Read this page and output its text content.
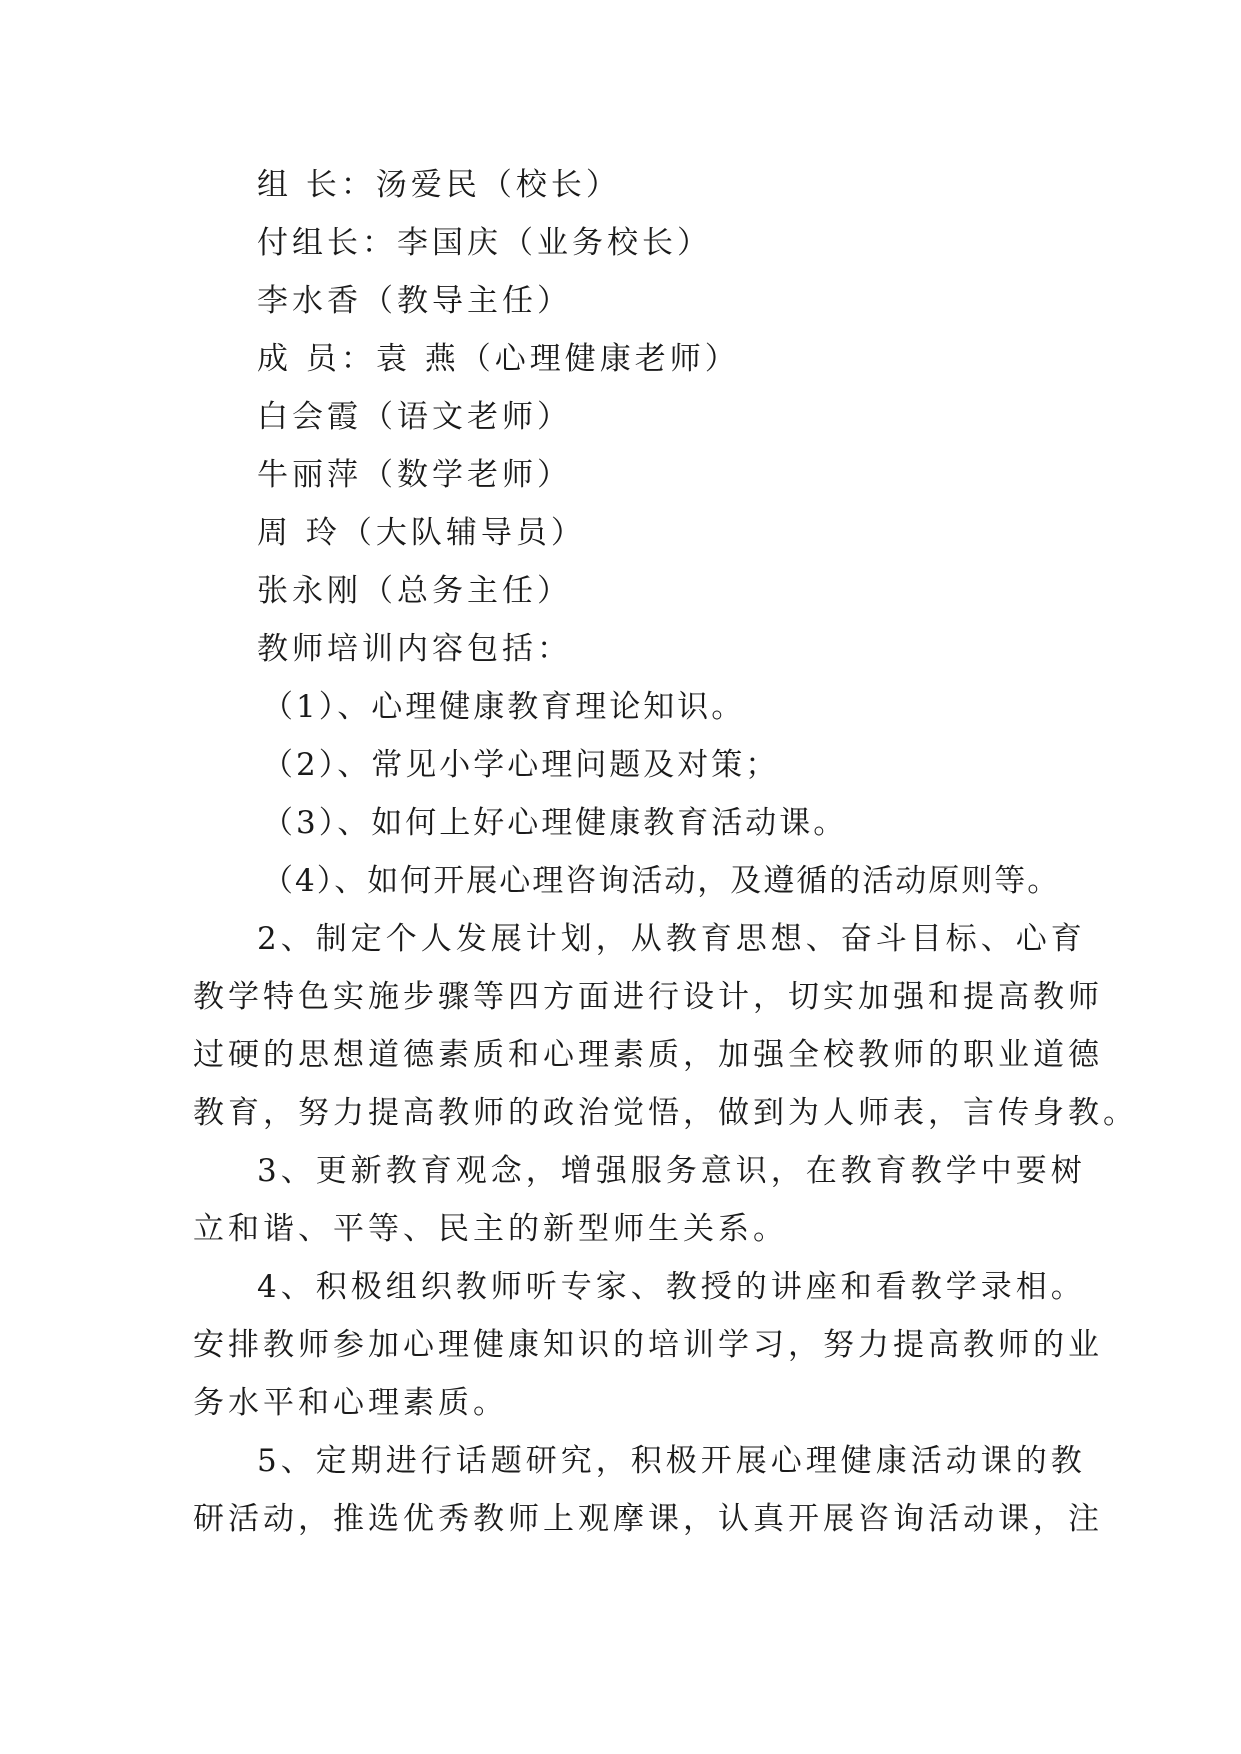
组 长：汤爱民（校长）
付组长：李国庆（业务校长）
李水香（教导主任）
成 员：袁 燕（心理健康老师）
白会霞（语文老师）
牛丽萍（数学老师）
周 玲（大队辅导员）
张永刚（总务主任）
教师培训内容包括：
（1）、心理健康教育理论知识。
（2）、常见小学心理问题及对策；
（3）、如何上好心理健康教育活动课。
（4）、如何开展心理咨询活动，及遵循的活动原则等。
2、制定个人发展计划，从教育思想、奋斗目标、心育
教学特色实施步骤等四方面进行设计，切实加强和提高教师
过硬的思想道德素质和心理素质，加强全校教师的职业道德
教育，努力提高教师的政治觉悟，做到为人师表，言传身教。
3、更新教育观念，增强服务意识，在教育教学中要树
立和谐、平等、民主的新型师生关系。
4、积极组织教师听专家、教授的讲座和看教学录相。
安排教师参加心理健康知识的培训学习，努力提高教师的业
务水平和心理素质。
5、定期进行话题研究，积极开展心理健康活动课的教
研活动，推选优秀教师上观摩课，认真开展咨询活动课，注
